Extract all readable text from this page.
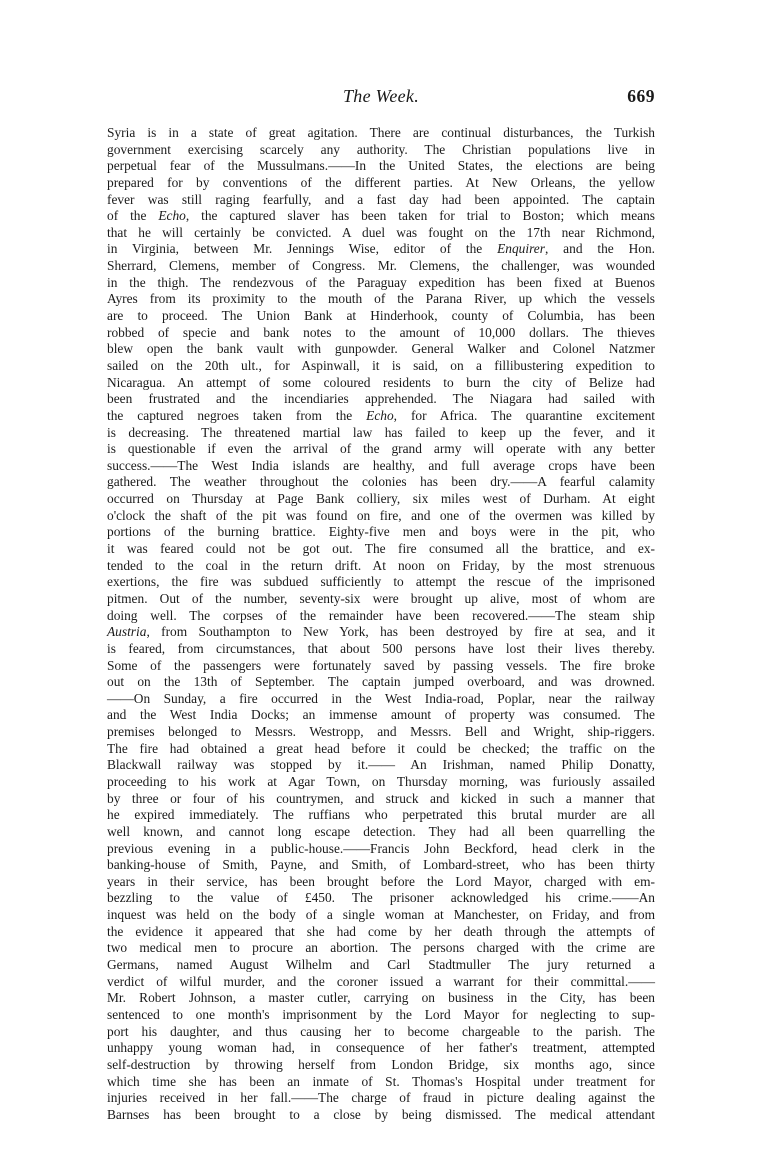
The Week.	669
Syria is in a state of great agitation. There are continual disturbances, the Turkish
government exercising scarcely any authority. The Christian populations live in
perpetual fear of the Mussulmans.——In the United States, the elections are being
prepared for by conventions of the different parties. At New Orleans, the yellow
fever was still raging fearfully, and a fast day had been appointed. The captain
of the Echo, the captured slaver has been taken for trial to Boston; which means
that he will certainly be convicted. A duel was fought on the 17th near Richmond,
in Virginia, between Mr. Jennings Wise, editor of the Enquirer, and the Hon.
Sherrard, Clemens, member of Congress. Mr. Clemens, the challenger, was wounded
in the thigh. The rendezvous of the Paraguay expedition has been fixed at Buenos
Ayres from its proximity to the mouth of the Parana River, up which the vessels
are to proceed. The Union Bank at Hinderhook, county of Columbia, has been
robbed of specie and bank notes to the amount of 10,000 dollars. The thieves
blew open the bank vault with gunpowder. General Walker and Colonel Natzmer
sailed on the 20th ult., for Aspinwall, it is said, on a fillibustering expedition to
Nicaragua. An attempt of some coloured residents to burn the city of Belize had
been frustrated and the incendiaries apprehended. The Niagara had sailed with
the captured negroes taken from the Echo, for Africa. The quarantine excitement
is decreasing. The threatened martial law has failed to keep up the fever, and it
is questionable if even the arrival of the grand army will operate with any better
success.——The West India islands are healthy, and full average crops have been
gathered. The weather throughout the colonies has been dry.——A fearful calamity
occurred on Thursday at Page Bank colliery, six miles west of Durham. At eight
o'clock the shaft of the pit was found on fire, and one of the overmen was killed by
portions of the burning brattice. Eighty-five men and boys were in the pit, who
it was feared could not be got out. The fire consumed all the brattice, and ex-
tended to the coal in the return drift. At noon on Friday, by the most strenuous
exertions, the fire was subdued sufficiently to attempt the rescue of the imprisoned
pitmen. Out of the number, seventy-six were brought up alive, most of whom are
doing well. The corpses of the remainder have been recovered.——The steam ship
Austria, from Southampton to New York, has been destroyed by fire at sea, and it
is feared, from circumstances, that about 500 persons have lost their lives thereby.
Some of the passengers were fortunately saved by passing vessels. The fire broke
out on the 13th of September. The captain jumped overboard, and was drowned.
——On Sunday, a fire occurred in the West India-road, Poplar, near the railway
and the West India Docks; an immense amount of property was consumed. The
premises belonged to Messrs. Westropp, and Messrs. Bell and Wright, ship-riggers.
The fire had obtained a great head before it could be checked; the traffic on the
Blackwall railway was stopped by it.—— An Irishman, named Philip Donatty,
proceeding to his work at Agar Town, on Thursday morning, was furiously assailed
by three or four of his countrymen, and struck and kicked in such a manner that
he expired immediately. The ruffians who perpetrated this brutal murder are all
well known, and cannot long escape detection. They had all been quarrelling the
previous evening in a public-house.——Francis John Beckford, head clerk in the
banking-house of Smith, Payne, and Smith, of Lombard-street, who has been thirty
years in their service, has been brought before the Lord Mayor, charged with em-
bezzling to the value of £450. The prisoner acknowledged his crime.——An
inquest was held on the body of a single woman at Manchester, on Friday, and from
the evidence it appeared that she had come by her death through the attempts of
two medical men to procure an abortion. The persons charged with the crime are
Germans, named August Wilhelm and Carl Stadtmuller The jury returned a
verdict of wilful murder, and the coroner issued a warrant for their committal.——
Mr. Robert Johnson, a master cutler, carrying on business in the City, has been
sentenced to one month's imprisonment by the Lord Mayor for neglecting to sup-
port his daughter, and thus causing her to become chargeable to the parish. The
unhappy young woman had, in consequence of her father's treatment, attempted
self-destruction by throwing herself from London Bridge, six months ago, since
which time she has been an inmate of St. Thomas's Hospital under treatment for
injuries received in her fall.——The charge of fraud in picture dealing against the
Barnses has been brought to a close by being dismissed. The medical attendant
